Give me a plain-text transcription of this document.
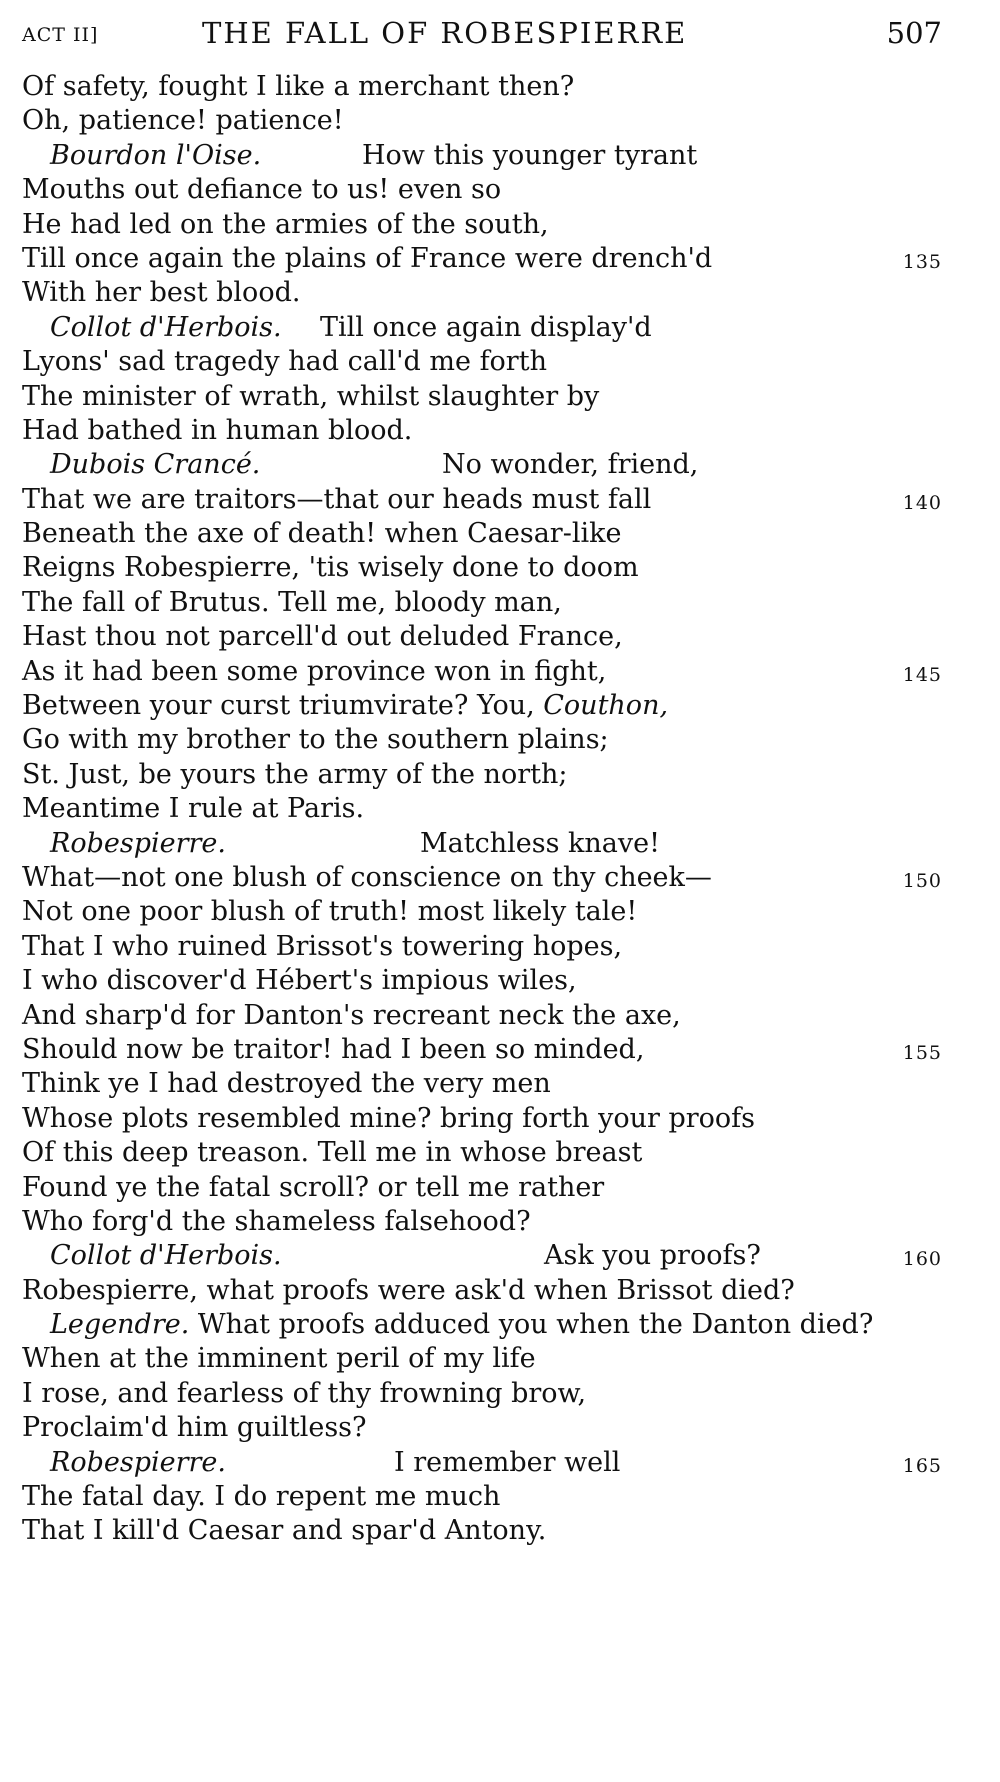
ACT II]	THE FALL OF ROBESPIERRE	507
Of safety, fought I like a merchant then?
Oh, patience! patience!
Bourdon l'Oise.	How this younger tyrant
Mouths out defiance to us! even so
He had led on the armies of the south,
Till once again the plains of France were drench'd	135
With her best blood.
Collot d'Herbois. Till once again display'd
Lyons' sad tragedy had call'd me forth
The minister of wrath, whilst slaughter by
Had bathed in human blood.
Dubois Crancé.	No wonder, friend,
That we are traitors—that our heads must fall	140
Beneath the axe of death! when Caesar-like
Reigns Robespierre, 'tis wisely done to doom
The fall of Brutus. Tell me, bloody man,
Hast thou not parcell'd out deluded France,
As it had been some province won in fight,	145
Between your curst triumvirate? You, Couthon,
Go with my brother to the southern plains;
St. Just, be yours the army of the north;
Meantime I rule at Paris.
Robespierre.	Matchless knave!
What—not one blush of conscience on thy cheek—	150
Not one poor blush of truth! most likely tale!
That I who ruined Brissot's towering hopes,
I who discover'd Hébert's impious wiles,
And sharp'd for Danton's recreant neck the axe,
Should now be traitor! had I been so minded,	155
Think ye I had destroyed the very men
Whose plots resembled mine? bring forth your proofs
Of this deep treason. Tell me in whose breast
Found ye the fatal scroll? or tell me rather
Who forg'd the shameless falsehood?
Collot d'Herbois.	Ask you proofs?	160
Robespierre, what proofs were ask'd when Brissot died?
Legendre. What proofs adduced you when the Danton died?
When at the imminent peril of my life
I rose, and fearless of thy frowning brow,
Proclaim'd him guiltless?
Robespierre.	I remember well	165
The fatal day. I do repent me much
That I kill'd Caesar and spar'd Antony.
